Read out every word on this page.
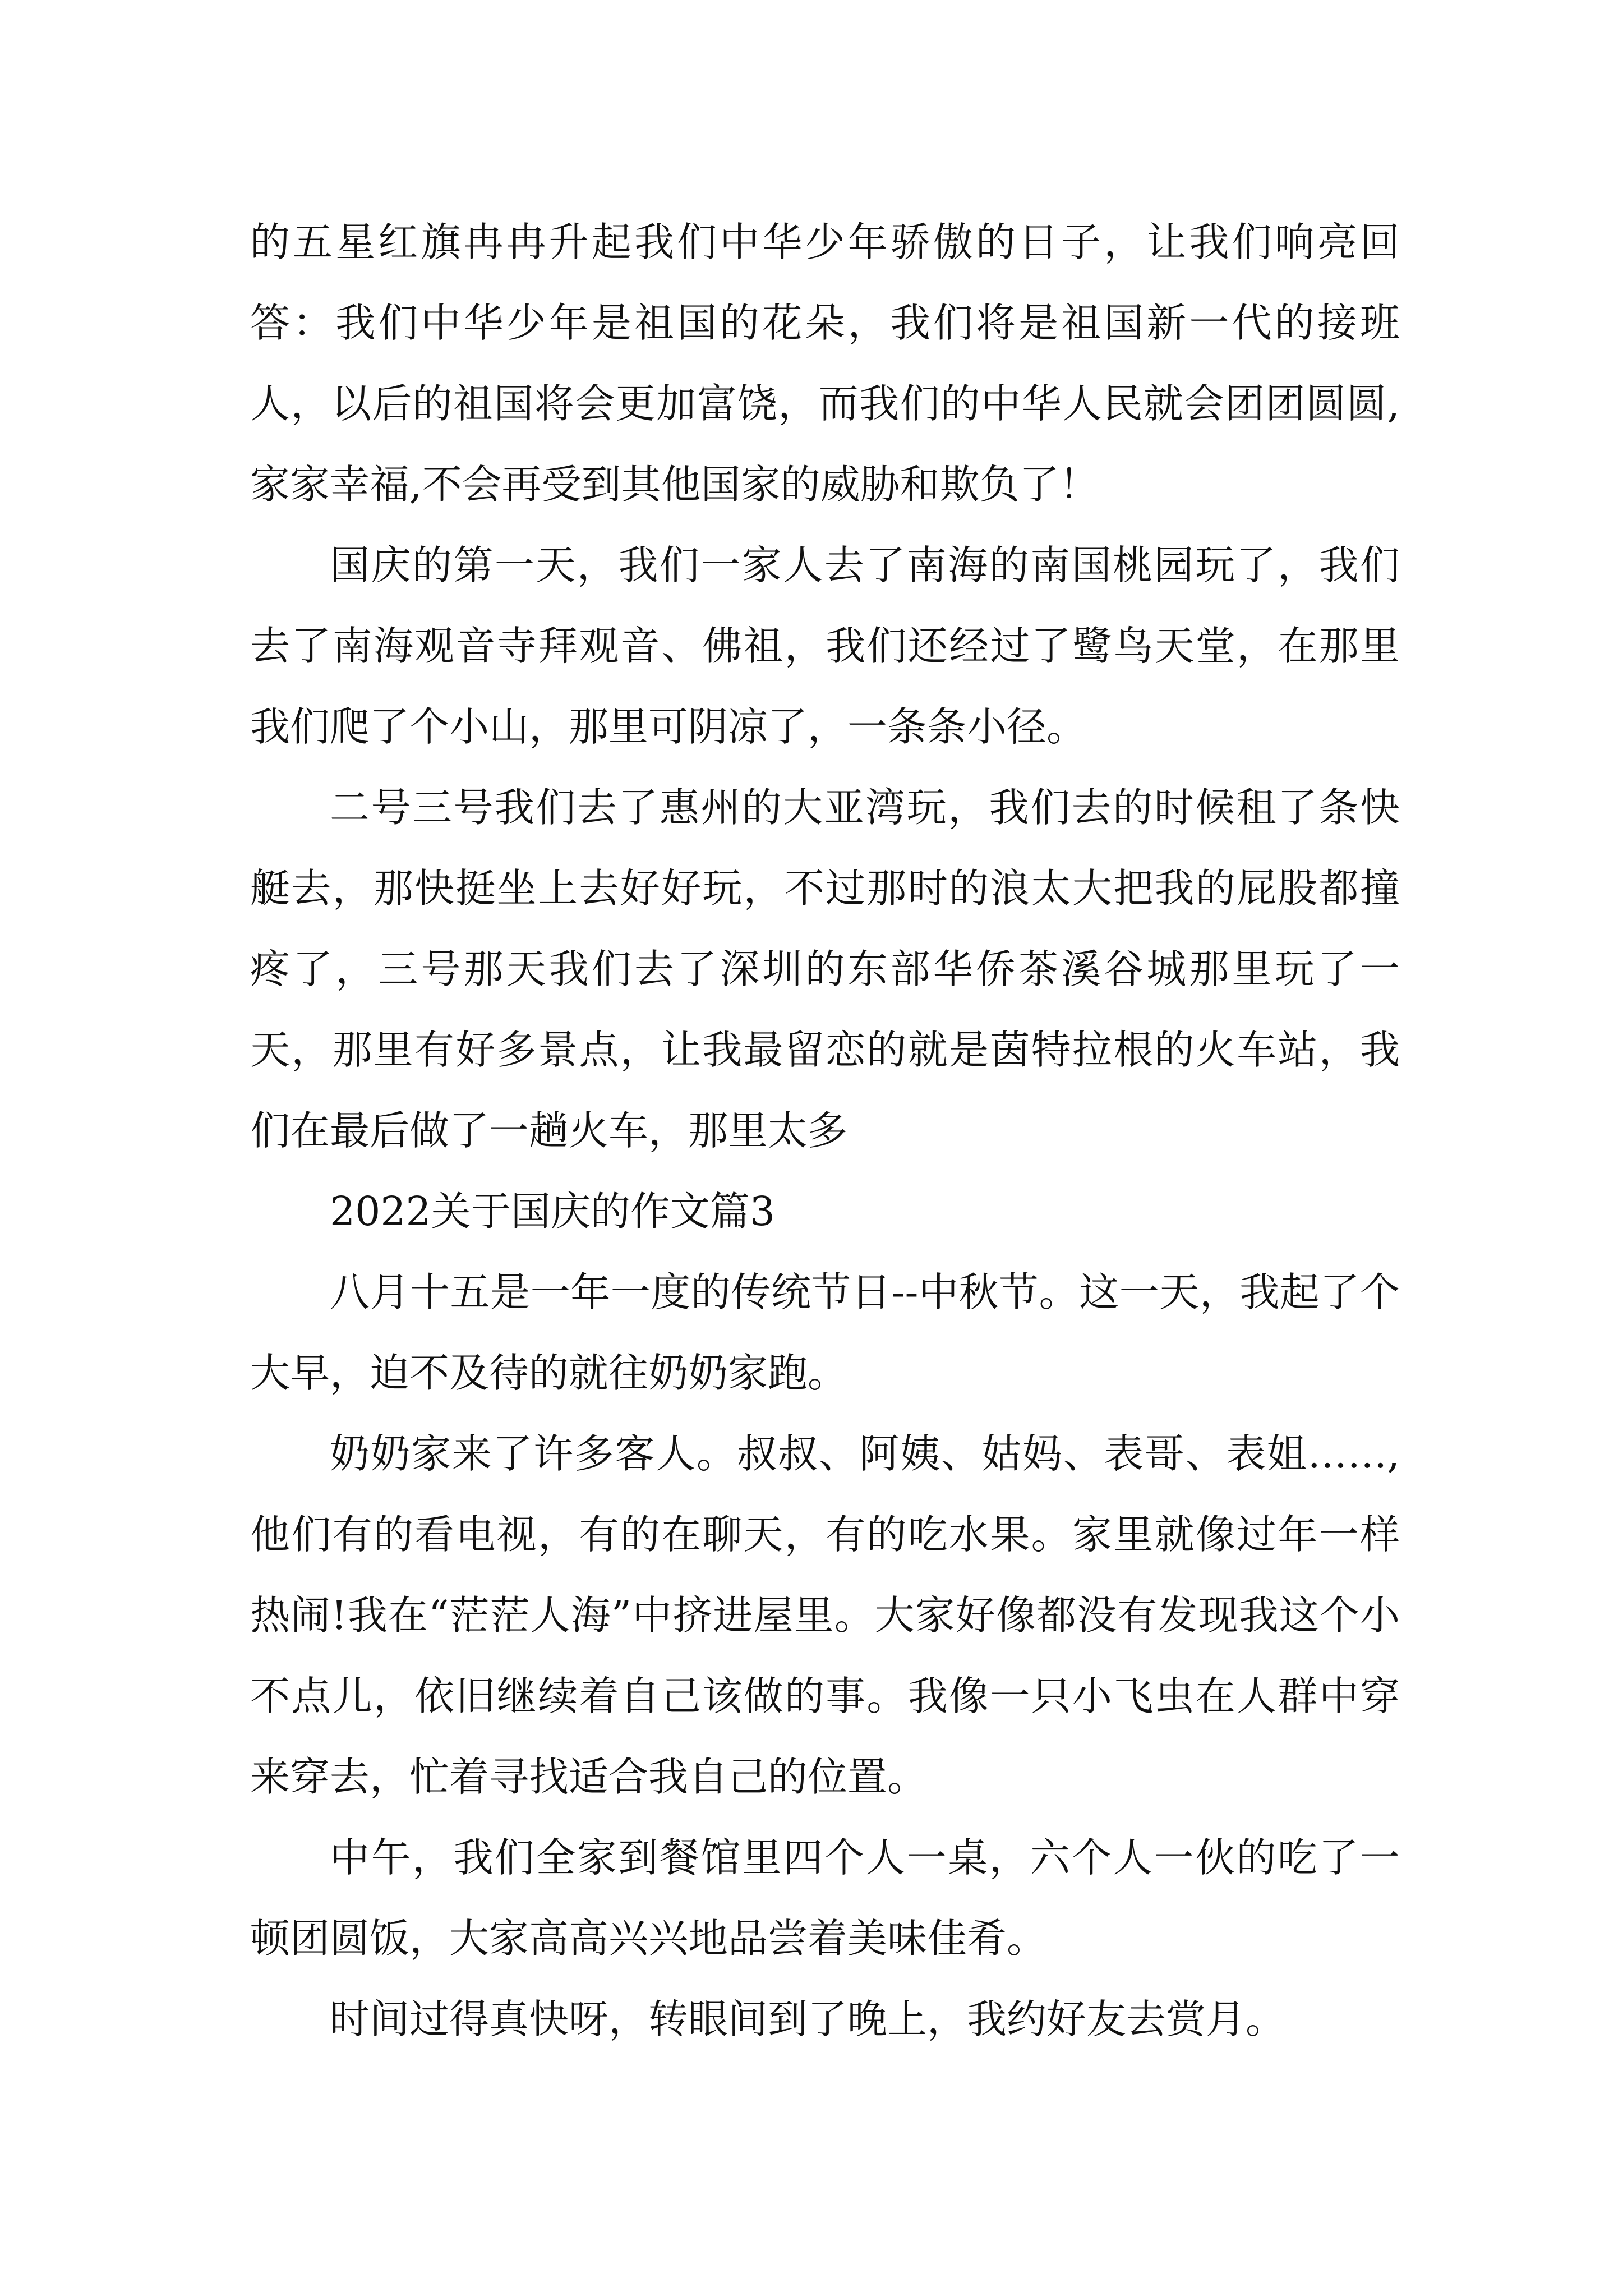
的五星红旗冉冉升起我们中华少年骄傲的日子，让我们响亮回答：我们中华少年是祖国的花朵，我们将是祖国新一代的接班人，以后的祖国将会更加富饶，而我们的中华人民就会团团圆圆,家家幸福,不会再受到其他国家的威胁和欺负了！

国庆的第一天，我们一家人去了南海的南国桃园玩了，我们去了南海观音寺拜观音、佛祖，我们还经过了鹭鸟天堂，在那里我们爬了个小山，那里可阴凉了，一条条小径。

二号三号我们去了惠州的大亚湾玩，我们去的时候租了条快艇去，那快挺坐上去好好玩，不过那时的浪太大把我的屁股都撞疼了，三号那天我们去了深圳的东部华侨茶溪谷城那里玩了一天，那里有好多景点，让我最留恋的就是茵特拉根的火车站，我们在最后做了一趟火车，那里太多

2022关于国庆的作文篇3

八月十五是一年一度的传统节日--中秋节。这一天，我起了个大早，迫不及待的就往奶奶家跑。

奶奶家来了许多客人。叔叔、阿姨、姑妈、表哥、表姐……,他们有的看电视，有的在聊天，有的吃水果。家里就像过年一样热闹!我在“茫茫人海”中挤进屋里。大家好像都没有发现我这个小不点儿，依旧继续着自己该做的事。我像一只小飞虫在人群中穿来穿去，忙着寻找适合我自己的位置。

中午，我们全家到餐馆里四个人一桌，六个人一伙的吃了一顿团圆饭，大家高高兴兴地品尝着美味佳肴。

时间过得真快呀，转眼间到了晚上，我约好友去赏月。
